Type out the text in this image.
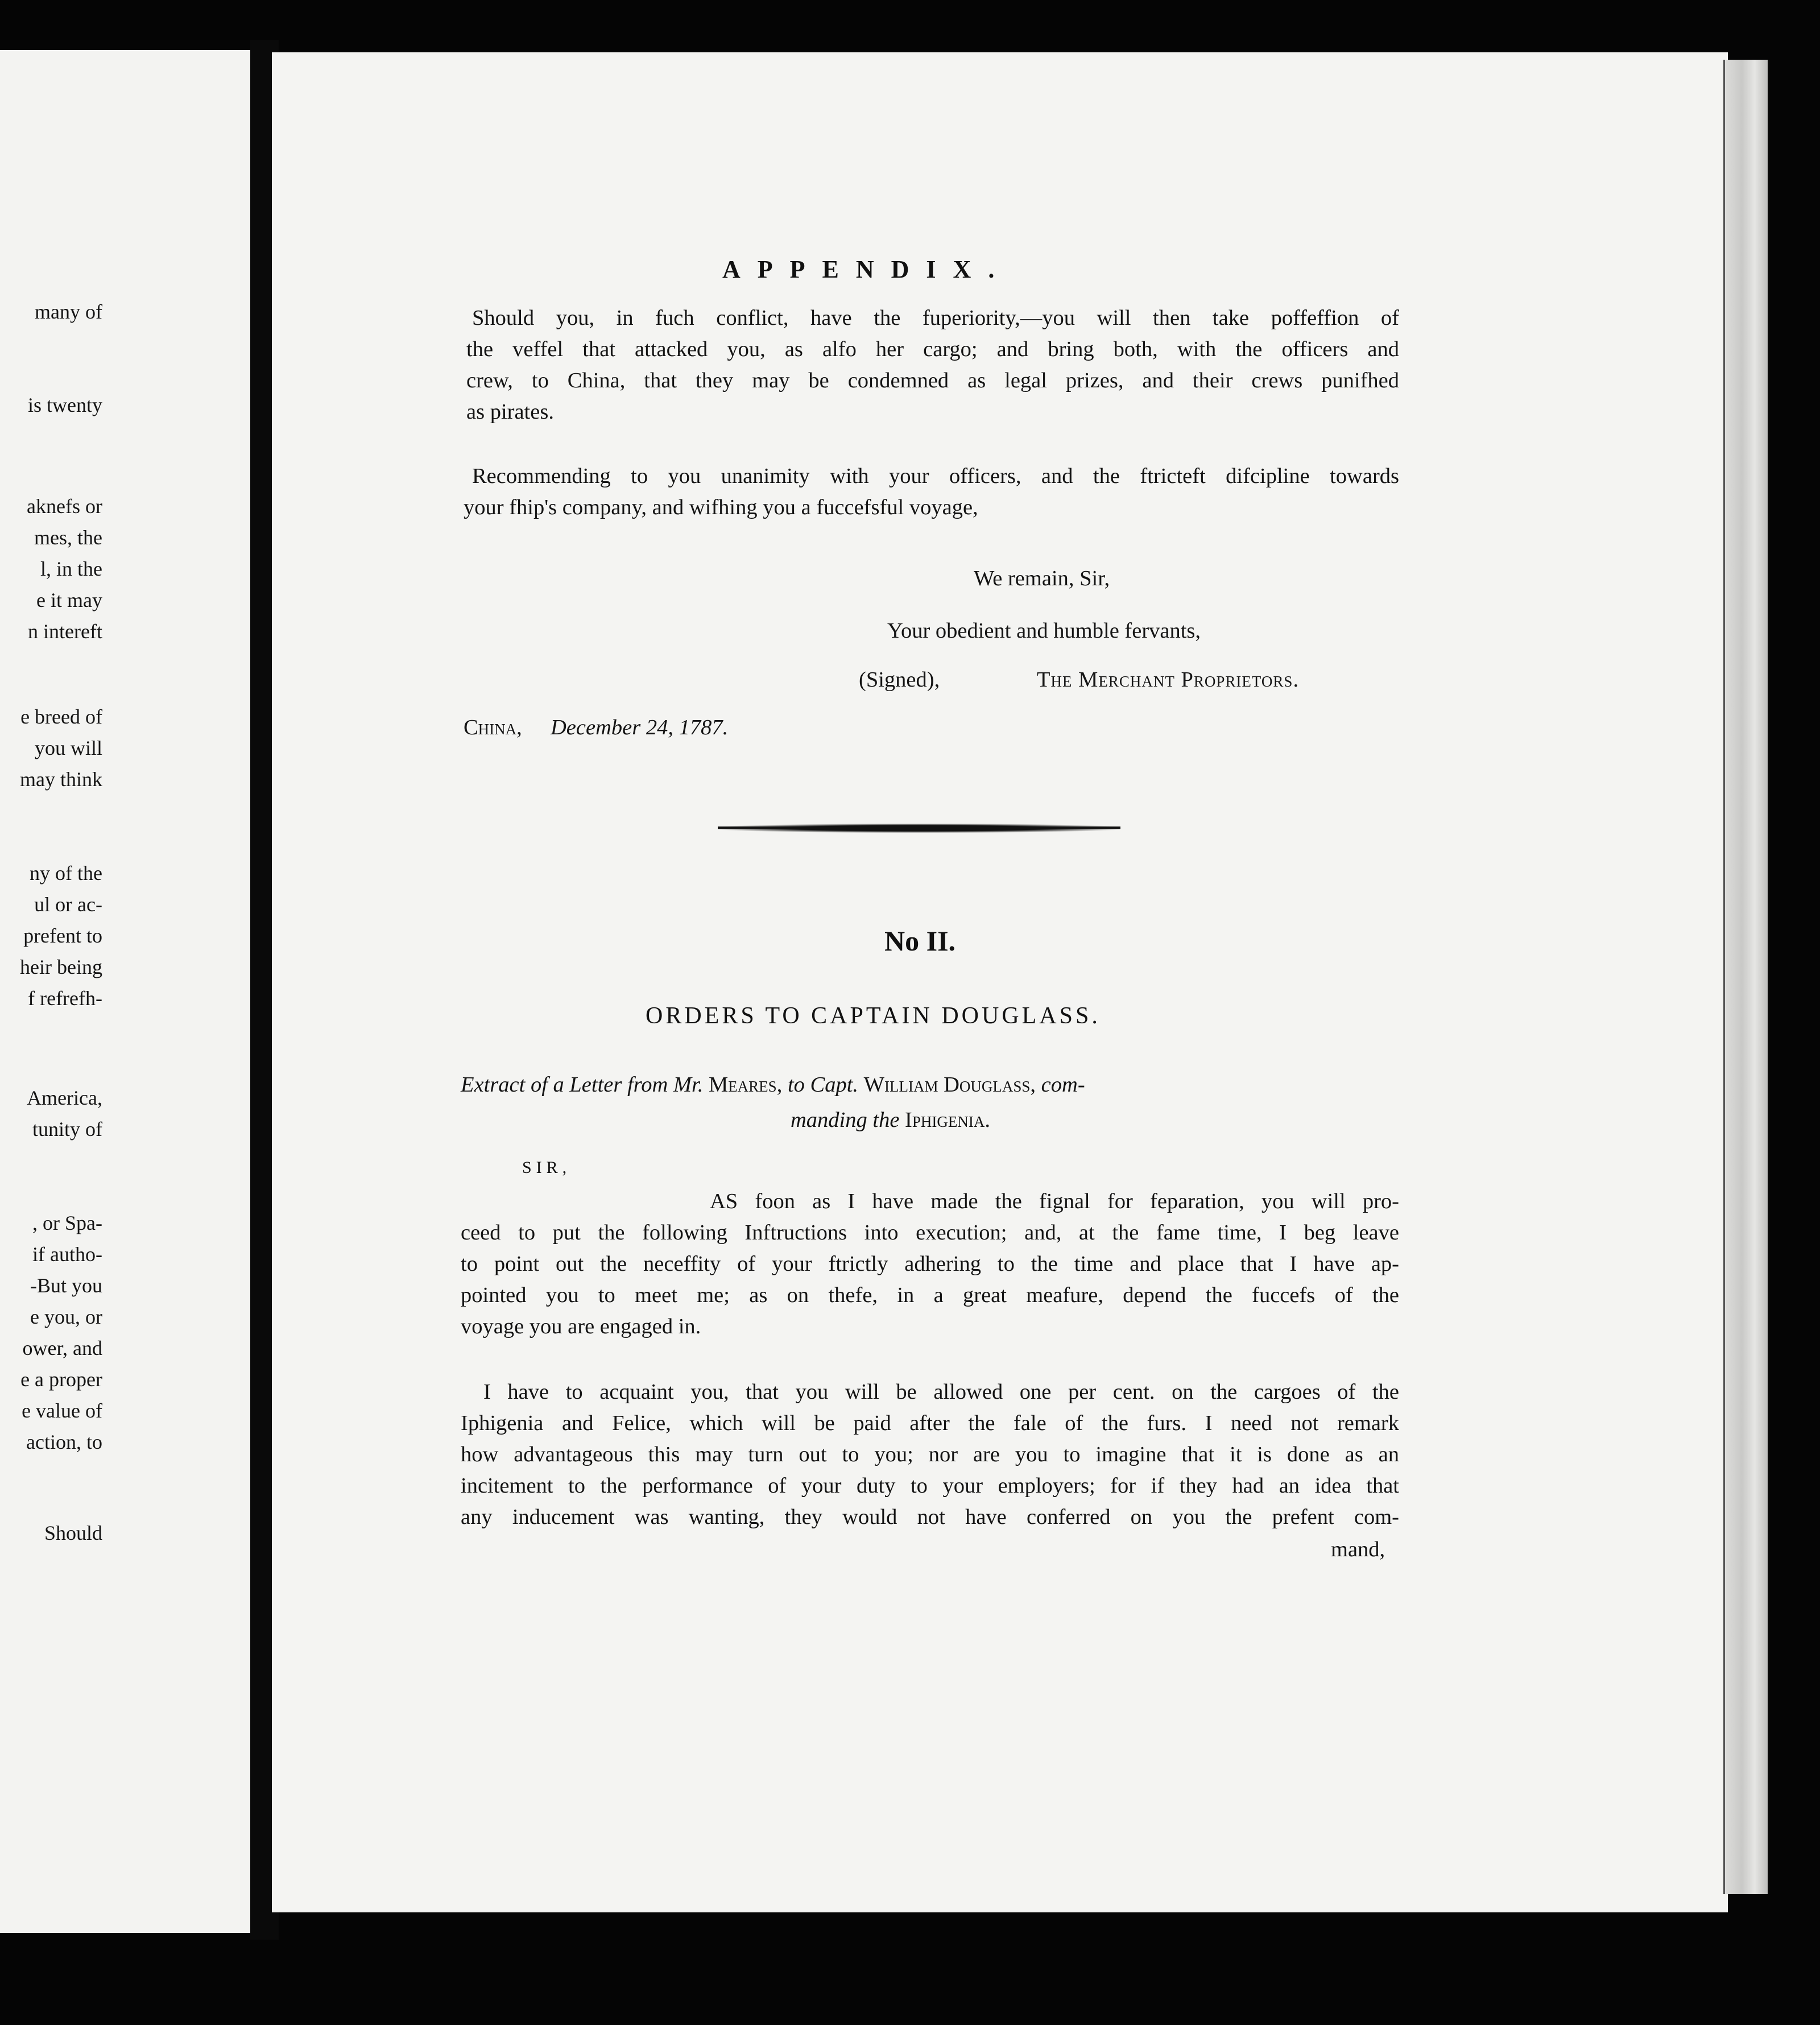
many of
is twenty
aknefs or
mes, the
l, in the
e it may
n intereft
e breed of
you will
may think
ny of the
ul or ac-
prefent to
heir being
f refrefh-
America,
tunity of
, or Spa-
if autho-
-But you
e you, or
ower, and
e a proper
e value of
action, to
Should
APPENDIX.
Should you, in fuch conflict, have the fuperiority,—you will then take poffeffion of
the veffel that attacked you, as alfo her cargo; and bring both, with the officers and
crew, to China, that they may be condemned as legal prizes, and their crews punifhed
as pirates.
Recommending to you unanimity with your officers, and the ftricteft difcipline towards
your fhip's company, and wifhing you a fuccefsful voyage,
We remain, Sir,
Your obedient and humble fervants,
(Signed),	The Merchant Proprietors.
China, December 24, 1787.
No II.
ORDERS TO CAPTAIN DOUGLASS.
Extract of a Letter from Mr. Meares, to Capt. William Douglass, com-
manding the Iphigenia.
SIR,
AS foon as I have made the fignal for feparation, you will pro-
ceed to put the following Inftructions into execution; and, at the fame time, I beg leave
to point out the neceffity of your ftrictly adhering to the time and place that I have ap-
pointed you to meet me; as on thefe, in a great meafure, depend the fuccefs of the
voyage you are engaged in.
I have to acquaint you, that you will be allowed one per cent. on the cargoes of the
Iphigenia and Felice, which will be paid after the fale of the furs. I need not remark
how advantageous this may turn out to you; nor are you to imagine that it is done as an
incitement to the performance of your duty to your employers; for if they had an idea that
any inducement was wanting, they would not have conferred on you the prefent com-
mand,
